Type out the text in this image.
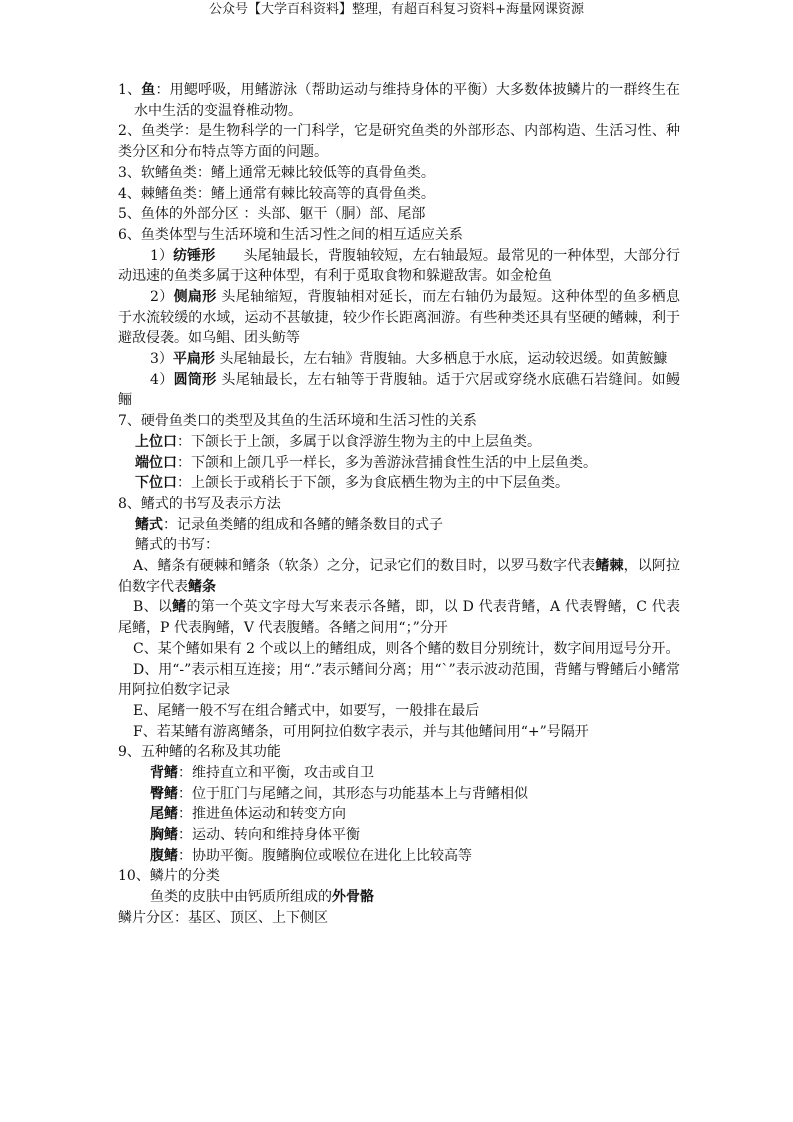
公众号【大学百科资料】整理，有超百科复习资料+海量网课资源
1、鱼：用鳃呼吸，用鳍游泳（帮助运动与维持身体的平衡）大多数体披鳞片的一群终生在水中生活的变温脊椎动物。
2、鱼类学：是生物科学的一门科学，它是研究鱼类的外部形态、内部构造、生活习性、种类分区和分布特点等方面的问题。
3、软鳍鱼类：鳍上通常无棘比较低等的真骨鱼类。
4、棘鳍鱼类：鳍上通常有棘比较高等的真骨鱼类。
5、鱼体的外部分区 ：头部、躯干（胴）部、尾部
6、鱼类体型与生活环境和生活习性之间的相互适应关系
1）纺锤形 头尾轴最长，背腹轴较短，左右轴最短。最常见的一种体型，大部分行动迅速的鱼类多属于这种体型，有利于觅取食物和躲避敌害。如金枪鱼
2）侧扁形 头尾轴缩短，背腹轴相对延长，而左右轴仍为最短。这种体型的鱼多栖息于水流较缓的水域，运动不甚敏捷，较少作长距离洄游。有些种类还具有坚硬的鳍棘，利于避敌侵袭。如乌鲳、团头鲂等
3）平扁形 头尾轴最长，左右轴》背腹轴。大多栖息于水底，运动较迟缓。如黄鮟鱇
4）圆筒形 头尾轴最长，左右轴等于背腹轴。适于穴居或穿绕水底礁石岩缝间。如鳗鲡
7、硬骨鱼类口的类型及其鱼的生活环境和生活习性的关系
上位口：下颌长于上颌，多属于以食浮游生物为主的中上层鱼类。
端位口：下颌和上颌几乎一样长，多为善游泳营捕食性生活的中上层鱼类。
下位口：上颌长于或稍长于下颌，多为食底栖生物为主的中下层鱼类。
8、鳍式的书写及表示方法
鳍式：记录鱼类鳍的组成和各鳍的鳍条数目的式子
鳍式的书写：
A、鳍条有硬棘和鳍条（软条）之分，记录它们的数目时，以罗马数字代表鳍棘，以阿拉伯数字代表鳍条
B、以鳍的第一个英文字母大写来表示各鳍，即，以 D 代表背鳍，A 代表臀鳍，C 代表尾鳍，P 代表胸鳍，V 代表腹鳍。各鳍之间用“；”分开
C、某个鳍如果有 2 个或以上的鳍组成，则各个鳍的数目分别统计，数字间用逗号分开。
D、用“-”表示相互连接；用“.”表示鳍间分离；用“`”表示波动范围，背鳍与臀鳍后小鳍常用阿拉伯数字记录
E、尾鳍一般不写在组合鳍式中，如要写，一般排在最后
F、若某鳍有游离鳍条，可用阿拉伯数字表示，并与其他鳍间用“+”号隔开
9、五种鳍的名称及其功能
背鳍：维持直立和平衡，攻击或自卫
臀鳍：位于肛门与尾鳍之间，其形态与功能基本上与背鳍相似
尾鳍：推进鱼体运动和转变方向
胸鳍：运动、转向和维持身体平衡
腹鳍：协助平衡。腹鳍胸位或喉位在进化上比较高等
10、鳞片的分类
鱼类的皮肤中由钙质所组成的外骨骼
鳞片分区：基区、顶区、上下侧区
